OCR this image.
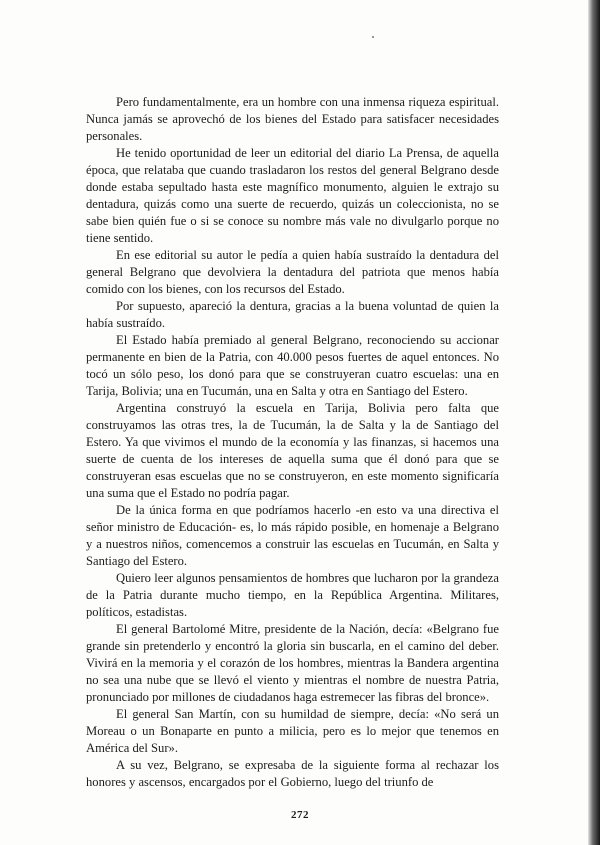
Pero fundamentalmente, era un hombre con una inmensa riqueza espiritual. Nunca jamás se aprovechó de los bienes del Estado para satisfacer necesidades personales.

He tenido oportunidad de leer un editorial del diario La Prensa, de aquella época, que relataba que cuando trasladaron los restos del general Belgrano desde donde estaba sepultado hasta este magnífico monumento, alguien le extrajo su dentadura, quizás como una suerte de recuerdo, quizás un coleccionista, no se sabe bien quién fue o si se conoce su nombre más vale no divulgarlo porque no tiene sentido.

En ese editorial su autor le pedía a quien había sustraído la dentadura del general Belgrano que devolviera la dentadura del patriota que menos había comido con los bienes, con los recursos del Estado.

Por supuesto, apareció la dentura, gracias a la buena voluntad de quien la había sustraído.

El Estado había premiado al general Belgrano, reconociendo su accionar permanente en bien de la Patria, con 40.000 pesos fuertes de aquel entonces. No tocó un sólo peso, los donó para que se construyeran cuatro escuelas: una en Tarija, Bolivia; una en Tucumán, una en Salta y otra en Santiago del Estero.

Argentina construyó la escuela en Tarija, Bolivia pero falta que construyamos las otras tres, la de Tucumán, la de Salta y la de Santiago del Estero. Ya que vivimos el mundo de la economía y las finanzas, si hacemos una suerte de cuenta de los intereses de aquella suma que él donó para que se construyeran esas escuelas que no se construyeron, en este momento significaría una suma que el Estado no podría pagar.

De la única forma en que podríamos hacerlo -en esto va una directiva el señor ministro de Educación- es, lo más rápido posible, en homenaje a Belgrano y a nuestros niños, comencemos a construir las escuelas en Tucumán, en Salta y Santiago del Estero.

Quiero leer algunos pensamientos de hombres que lucharon por la grandeza de la Patria durante mucho tiempo, en la República Argentina. Militares, políticos, estadistas.

El general Bartolomé Mitre, presidente de la Nación, decía: «Belgrano fue grande sin pretenderlo y encontró la gloria sin buscarla, en el camino del deber. Vivirá en la memoria y el corazón de los hombres, mientras la Bandera argentina no sea una nube que se llevó el viento y mientras el nombre de nuestra Patria, pronunciado por millones de ciudadanos haga estremecer las fibras del bronce».

El general San Martín, con su humildad de siempre, decía: «No será un Moreau o un Bonaparte en punto a milicia, pero es lo mejor que tenemos en América del Sur».

A su vez, Belgrano, se expresaba de la siguiente forma al rechazar los honores y ascensos, encargados por el Gobierno, luego del triunfo de

272
